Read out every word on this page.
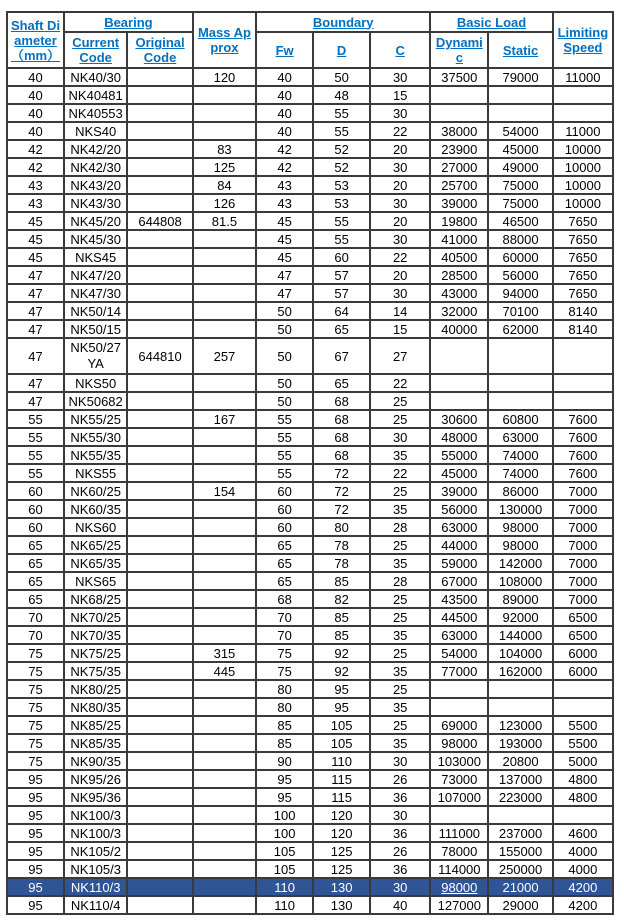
Shaft Di ameter （mm）	Bearing		Mass Ap prox	Boundary			Basic Load		Limiting Speed

	Current Code	Original Code		Fw	D	C	Dynami c	Static	

40	NK40/30		120	40	50	30	37500	79000	11000
40	NK40481			40	48	15			
40	NK40553			40	55	30			
40	NKS40			40	55	22	38000	54000	11000
42	NK42/20		83	42	52	20	23900	45000	10000
42	NK42/30		125	42	52	30	27000	49000	10000
43	NK43/20		84	43	53	20	25700	75000	10000
43	NK43/30		126	43	53	30	39000	75000	10000
45	NK45/20	644808	81.5	45	55	20	19800	46500	7650
45	NK45/30			45	55	30	41000	88000	7650
45	NKS45			45	60	22	40500	60000	7650
47	NK47/20			47	57	20	28500	56000	7650
47	NK47/30			47	57	30	43000	94000	7650
47	NK50/14			50	64	14	32000	70100	8140
47	NK50/15			50	65	15	40000	62000	8140
47	NK50/27 YA	644810	257	50	67	27			
47	NKS50			50	65	22			
47	NK50682			50	68	25			
55	NK55/25		167	55	68	25	30600	60800	7600
55	NK55/30			55	68	30	48000	63000	7600
55	NK55/35			55	68	35	55000	74000	7600
55	NKS55			55	72	22	45000	74000	7600
60	NK60/25		154	60	72	25	39000	86000	7000
60	NK60/35			60	72	35	56000	130000	7000
60	NKS60			60	80	28	63000	98000	7000
65	NK65/25			65	78	25	44000	98000	7000
65	NK65/35			65	78	35	59000	142000	7000
65	NKS65			65	85	28	67000	108000	7000
65	NK68/25			68	82	25	43500	89000	7000
70	NK70/25			70	85	25	44500	92000	6500
70	NK70/35			70	85	35	63000	144000	6500
75	NK75/25		315	75	92	25	54000	104000	6000
75	NK75/35		445	75	92	35	77000	162000	6000
75	NK80/25			80	95	25			
75	NK80/35			80	95	35			
75	NK85/25			85	105	25	69000	123000	5500
75	NK85/35			85	105	35	98000	193000	5500
75	NK90/35			90	110	30	103000	20800	5000
95	NK95/26			95	115	26	73000	137000	4800
95	NK95/36			95	115	36	107000	223000	4800
95	NK100/3			100	120	30			
95	NK100/3			100	120	36	111000	237000	4600
95	NK105/2			105	125	26	78000	155000	4000
95	NK105/3			105	125	36	114000	250000	4000
95	NK110/3			110	130	30	98000	21000	4200
95	NK110/4			110	130	40	127000	29000	4200
